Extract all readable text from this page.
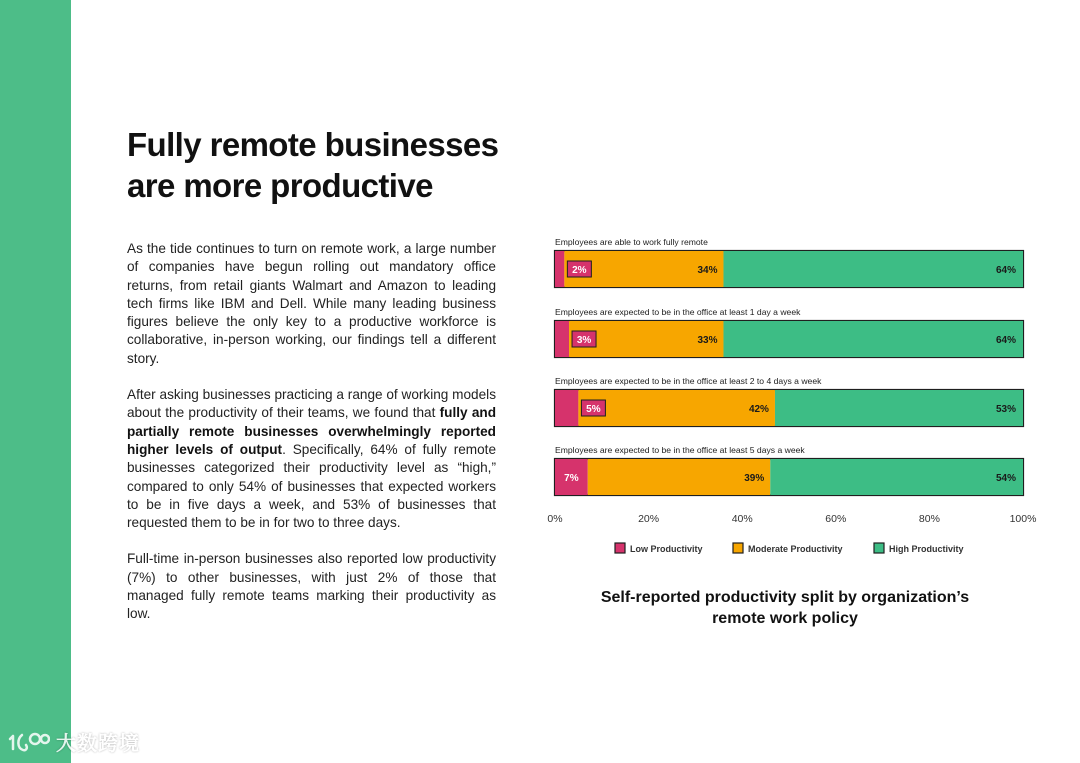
大数跨境
Fully remote businesses
are more productive

As the tide continues to turn on remote work, a large number of companies have begun rolling out mandatory office returns, from retail giants Walmart and Amazon to leading tech firms like IBM and Dell. While many leading business figures believe the only key to a productive workforce is collaborative, in-person working, our findings tell a different story.

After asking businesses practicing a range of working models about the productivity of their teams, we found that fully and partially remote businesses overwhelmingly reported higher levels of output. Specifically, 64% of fully remote businesses categorized their productivity level as “high,” compared to only 54% of businesses that expected workers to be in five days a week, and 53% of businesses that requested them to be in for two to three days.

Full-time in-person businesses also reported low productivity (7%) to other businesses, with just 2% of those that managed fully remote teams marking their productivity as low.

Employees are able to work fully remote
2%	34%	64%
Employees are expected to be in the office at least 1 day a week
3%	33%	64%
Employees are expected to be in the office at least 2 to 4 days a week
5%	42%	53%
Employees are expected to be in the office at least 5 days a week
7%	39%	54%
0%	20%	40%	60%	80%	100%
Low Productivity	Moderate Productivity	High Productivity
Self-reported productivity split by organization’s
remote work policy
